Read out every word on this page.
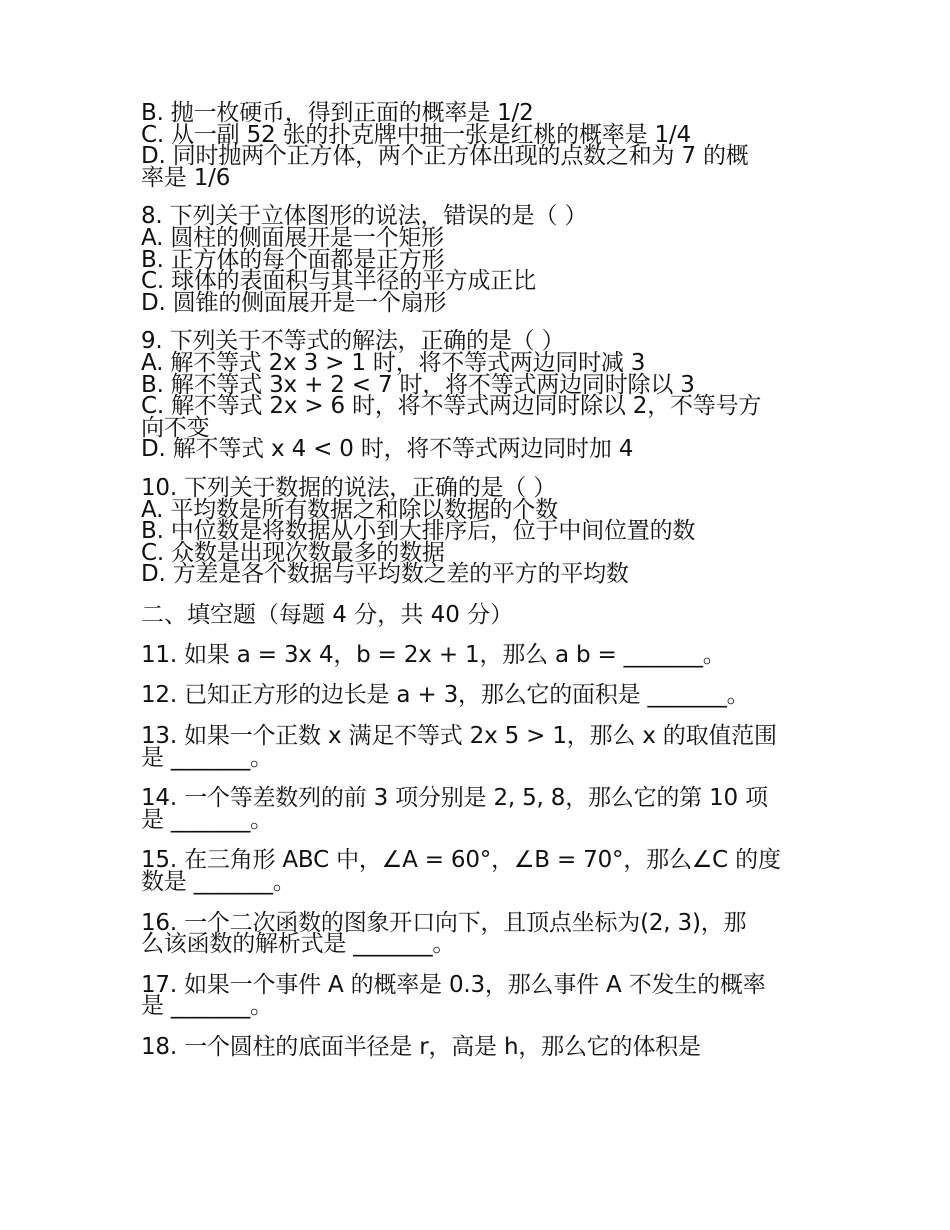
B. 抛一枚硬币，得到正面的概率是 1/2
C. 从一副 52 张的扑克牌中抽一张是红桃的概率是 1/4
D. 同时抛两个正方体，两个正方体出现的点数之和为 7 的概
率是 1/6
8. 下列关于立体图形的说法，错误的是（ ）
A. 圆柱的侧面展开是一个矩形
B. 正方体的每个面都是正方形
C. 球体的表面积与其半径的平方成正比
D. 圆锥的侧面展开是一个扇形
9. 下列关于不等式的解法，正确的是（ ）
A. 解不等式 2x 3 > 1 时，将不等式两边同时减 3
B. 解不等式 3x + 2 < 7 时，将不等式两边同时除以 3
C. 解不等式 2x > 6 时，将不等式两边同时除以 2，不等号方
向不变
D. 解不等式 x 4 < 0 时，将不等式两边同时加 4
10. 下列关于数据的说法，正确的是（ ）
A. 平均数是所有数据之和除以数据的个数
B. 中位数是将数据从小到大排序后，位于中间位置的数
C. 众数是出现次数最多的数据
D. 方差是各个数据与平均数之差的平方的平均数
二、填空题（每题 4 分，共 40 分）
11. 如果 a = 3x 4，b = 2x + 1，那么 a b = _______。
12. 已知正方形的边长是 a + 3，那么它的面积是 _______。
13. 如果一个正数 x 满足不等式 2x 5 > 1，那么 x 的取值范围
是 _______。
14. 一个等差数列的前 3 项分别是 2, 5, 8，那么它的第 10 项
是 _______。
15. 在三角形 ABC 中，∠A = 60°，∠B = 70°，那么∠C 的度
数是 _______。
16. 一个二次函数的图象开口向下，且顶点坐标为(2, 3)，那
么该函数的解析式是 _______。
17. 如果一个事件 A 的概率是 0.3，那么事件 A 不发生的概率
是 _______。
18. 一个圆柱的底面半径是 r，高是 h，那么它的体积是
